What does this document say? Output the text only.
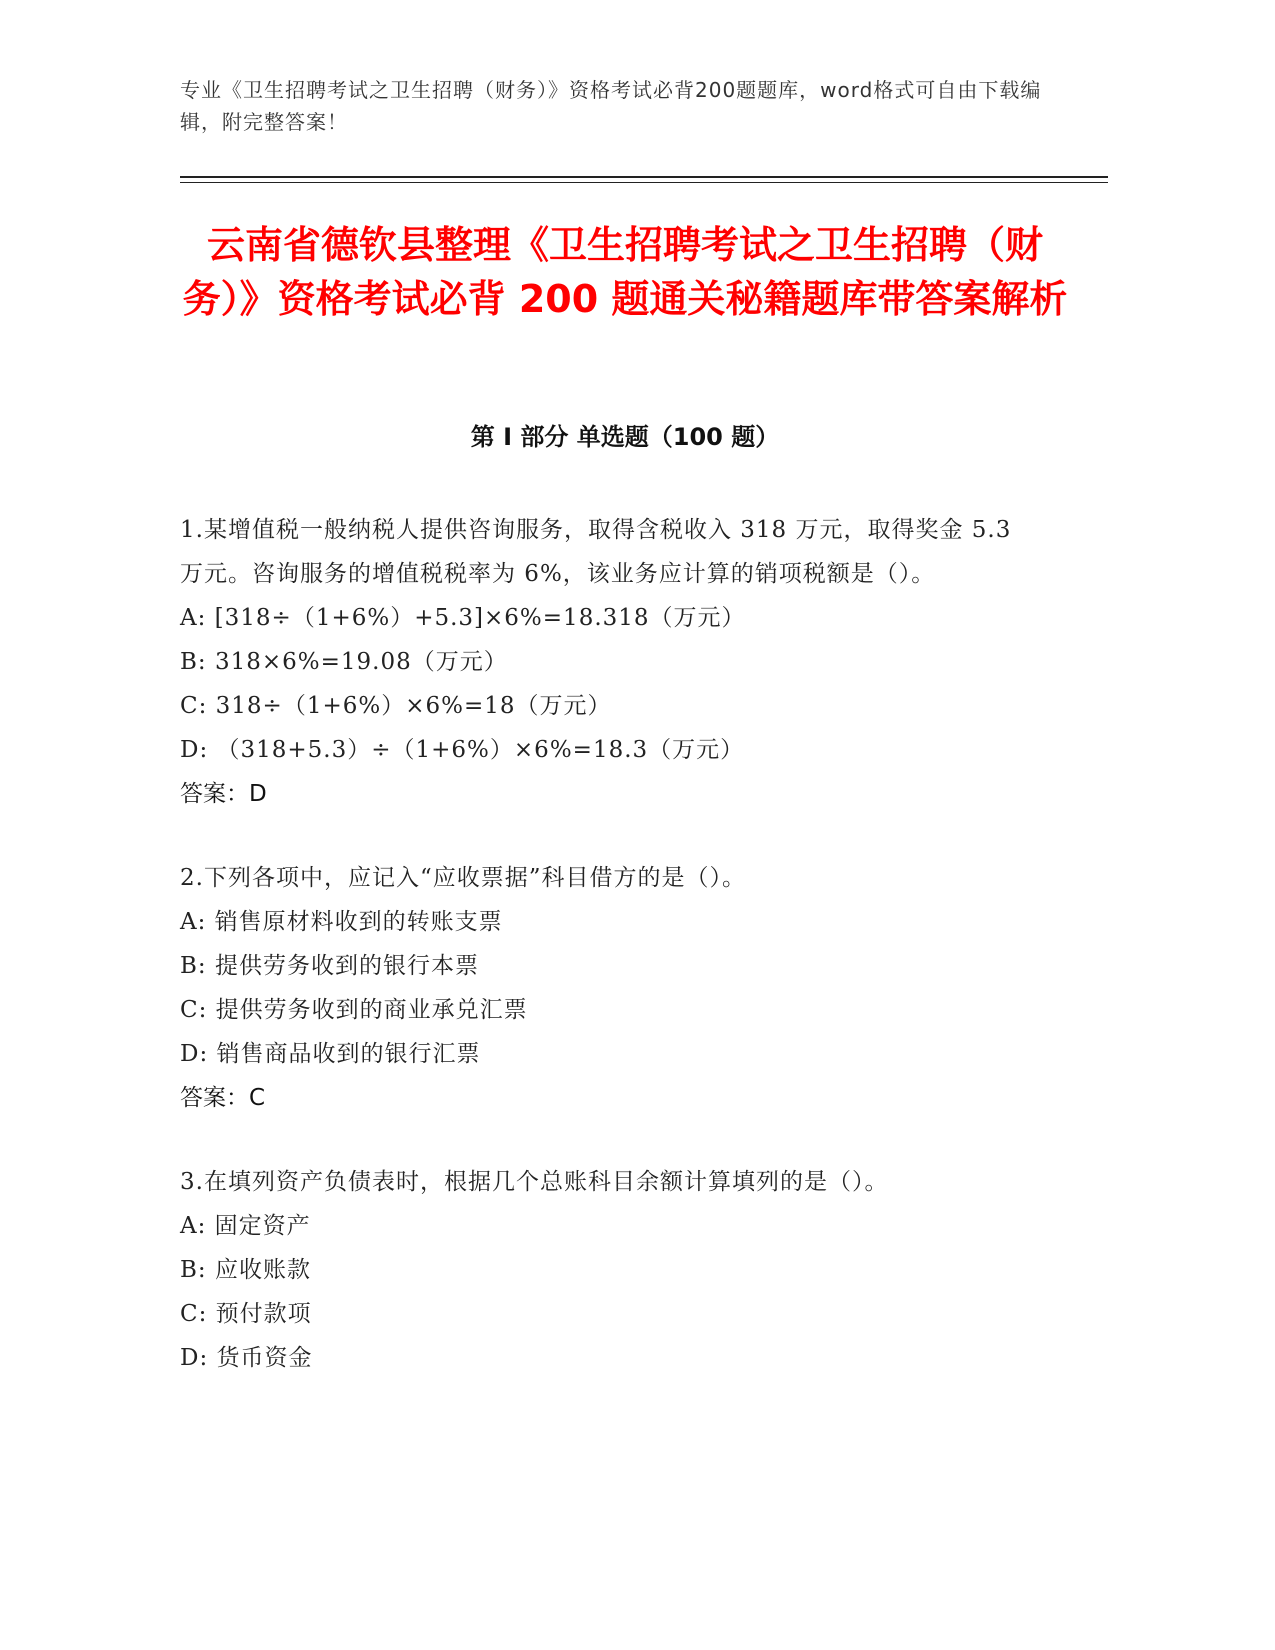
专业《卫生招聘考试之卫生招聘（财务）》资格考试必背200题题库，word格式可自由下载编辑，附完整答案！
云南省德钦县整理《卫生招聘考试之卫生招聘（财务）》资格考试必背 200 题通关秘籍题库带答案解析
第 I 部分 单选题（100 题）

1.某增值税一般纳税人提供咨询服务，取得含税收入 318 万元，取得奖金 5.3 万元。咨询服务的增值税税率为 6%，该业务应计算的销项税额是（）。

A: [318÷（1+6%）+5.3]×6%=18.318（万元）

B: 318×6%=19.08（万元）

C: 318÷（1+6%）×6%=18（万元）

D: （318+5.3）÷（1+6%）×6%=18.3（万元）

答案：D

2.下列各项中，应记入“应收票据”科目借方的是（）。

A: 销售原材料收到的转账支票

B: 提供劳务收到的银行本票

C: 提供劳务收到的商业承兑汇票

D: 销售商品收到的银行汇票

答案：C

3.在填列资产负债表时，根据几个总账科目余额计算填列的是（）。

A: 固定资产

B: 应收账款

C: 预付款项

D: 货币资金
